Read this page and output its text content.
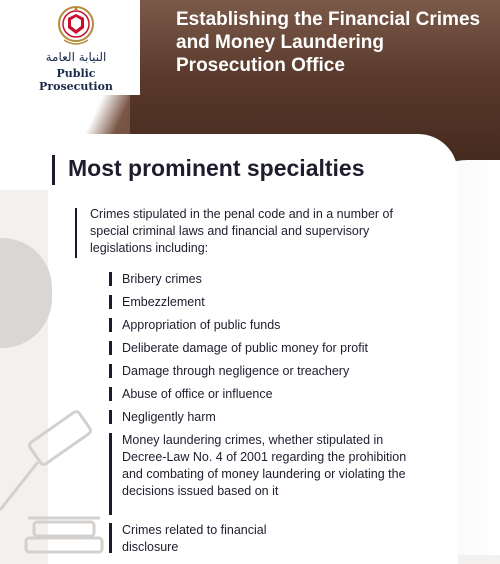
النيابة العامة
Public Prosecution
Establishing the Financial Crimes and Money Laundering Prosecution Office
Most prominent specialties
Crimes stipulated in the penal code and in a number of special criminal laws and financial and supervisory legislations including:
Bribery crimes
Embezzlement
Appropriation of public funds
Deliberate damage of public money for profit
Damage through negligence or treachery
Abuse of office or influence
Negligently harm
Money laundering crimes, whether stipulated in Decree-Law No. 4 of 2001 regarding the prohibition and combating of money laundering or violating the decisions issued based on it
Crimes related to financial disclosure
